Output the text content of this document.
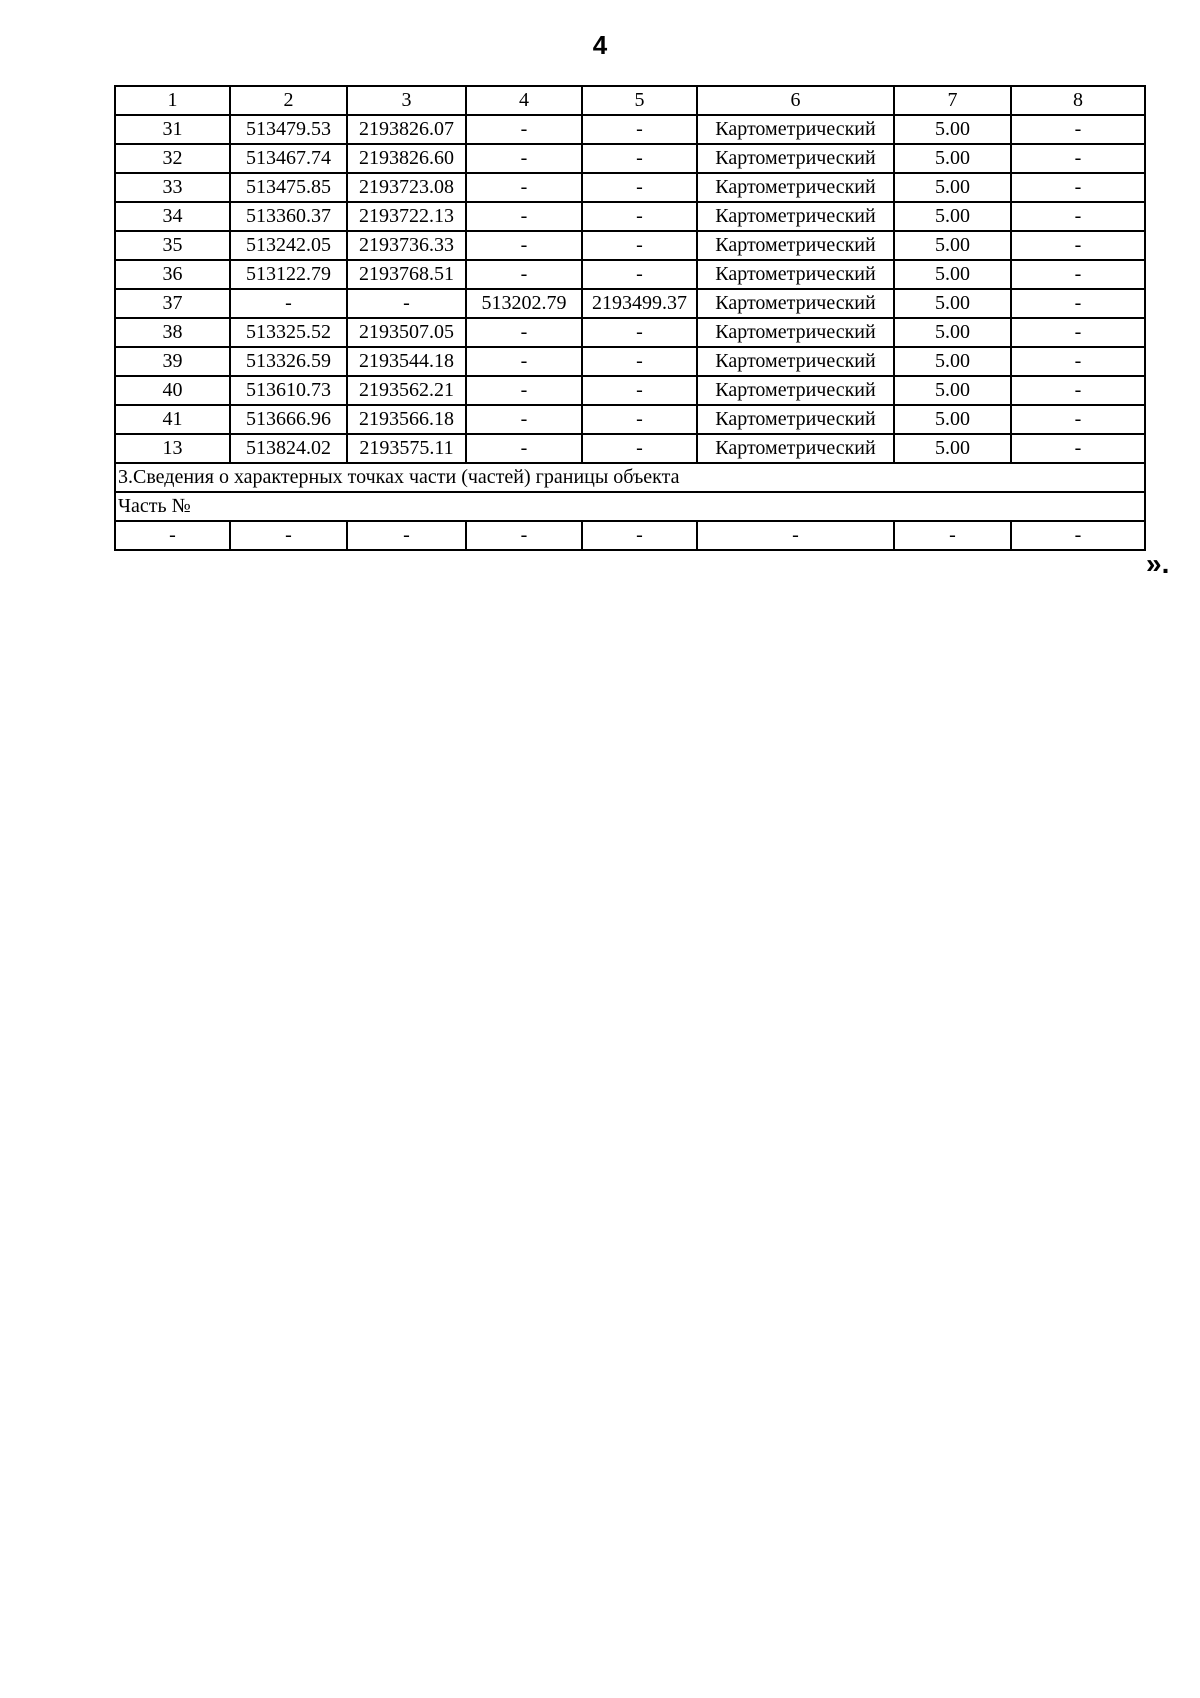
4
1	2	3	4	5	6	7	8
31	513479.53	2193826.07	-	-	Картометрический	5.00	-
32	513467.74	2193826.60	-	-	Картометрический	5.00	-
33	513475.85	2193723.08	-	-	Картометрический	5.00	-
34	513360.37	2193722.13	-	-	Картометрический	5.00	-
35	513242.05	2193736.33	-	-	Картометрический	5.00	-
36	513122.79	2193768.51	-	-	Картометрический	5.00	-
37	-	-	513202.79	2193499.37	Картометрический	5.00	-
38	513325.52	2193507.05	-	-	Картометрический	5.00	-
39	513326.59	2193544.18	-	-	Картометрический	5.00	-
40	513610.73	2193562.21	-	-	Картометрический	5.00	-
41	513666.96	2193566.18	-	-	Картометрический	5.00	-
13	513824.02	2193575.11	-	-	Картометрический	5.00	-
3.Сведения о характерных точках части (частей) границы объекта							
Часть №							
-	-	-	-	-	-	-	-
».
